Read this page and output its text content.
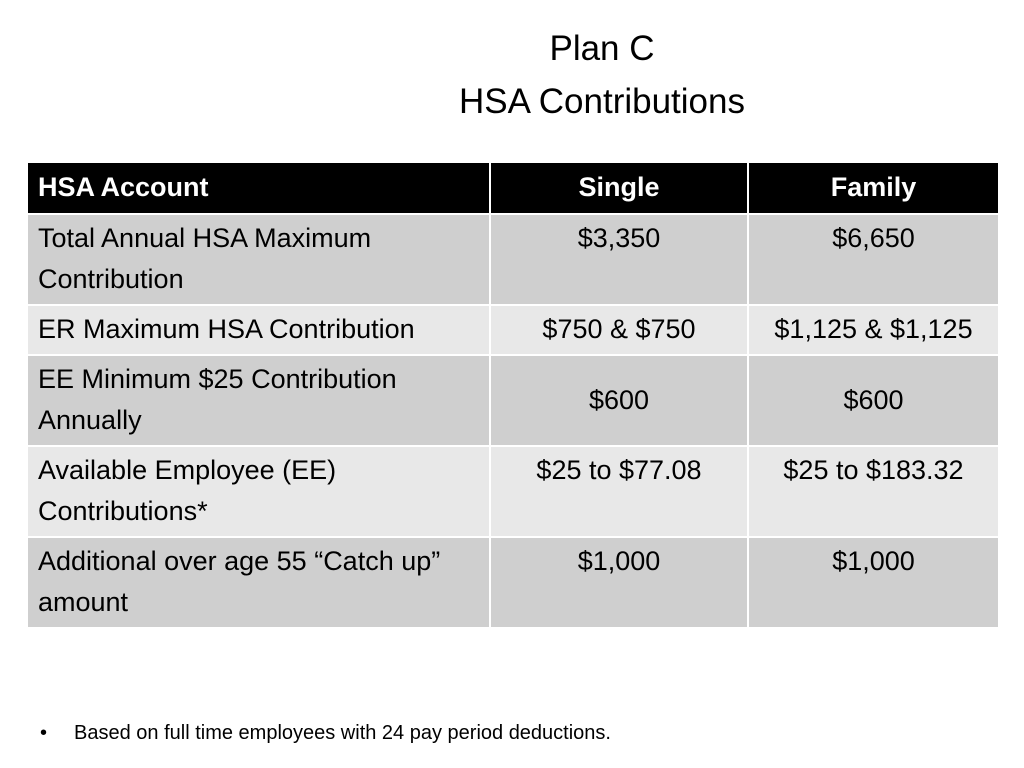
Plan C
HSA Contributions
HSA Account	Single	Family
Total Annual HSA Maximum Contribution	$3,350	$6,650
ER Maximum HSA Contribution	$750 & $750	$1,125 & $1,125
EE Minimum $25 Contribution Annually	$600	$600
Available Employee (EE) Contributions*	$25 to $77.08	$25 to $183.32
Additional over age 55 “Catch up” amount	$1,000	$1,000
• Based on full time employees with 24 pay period deductions.
